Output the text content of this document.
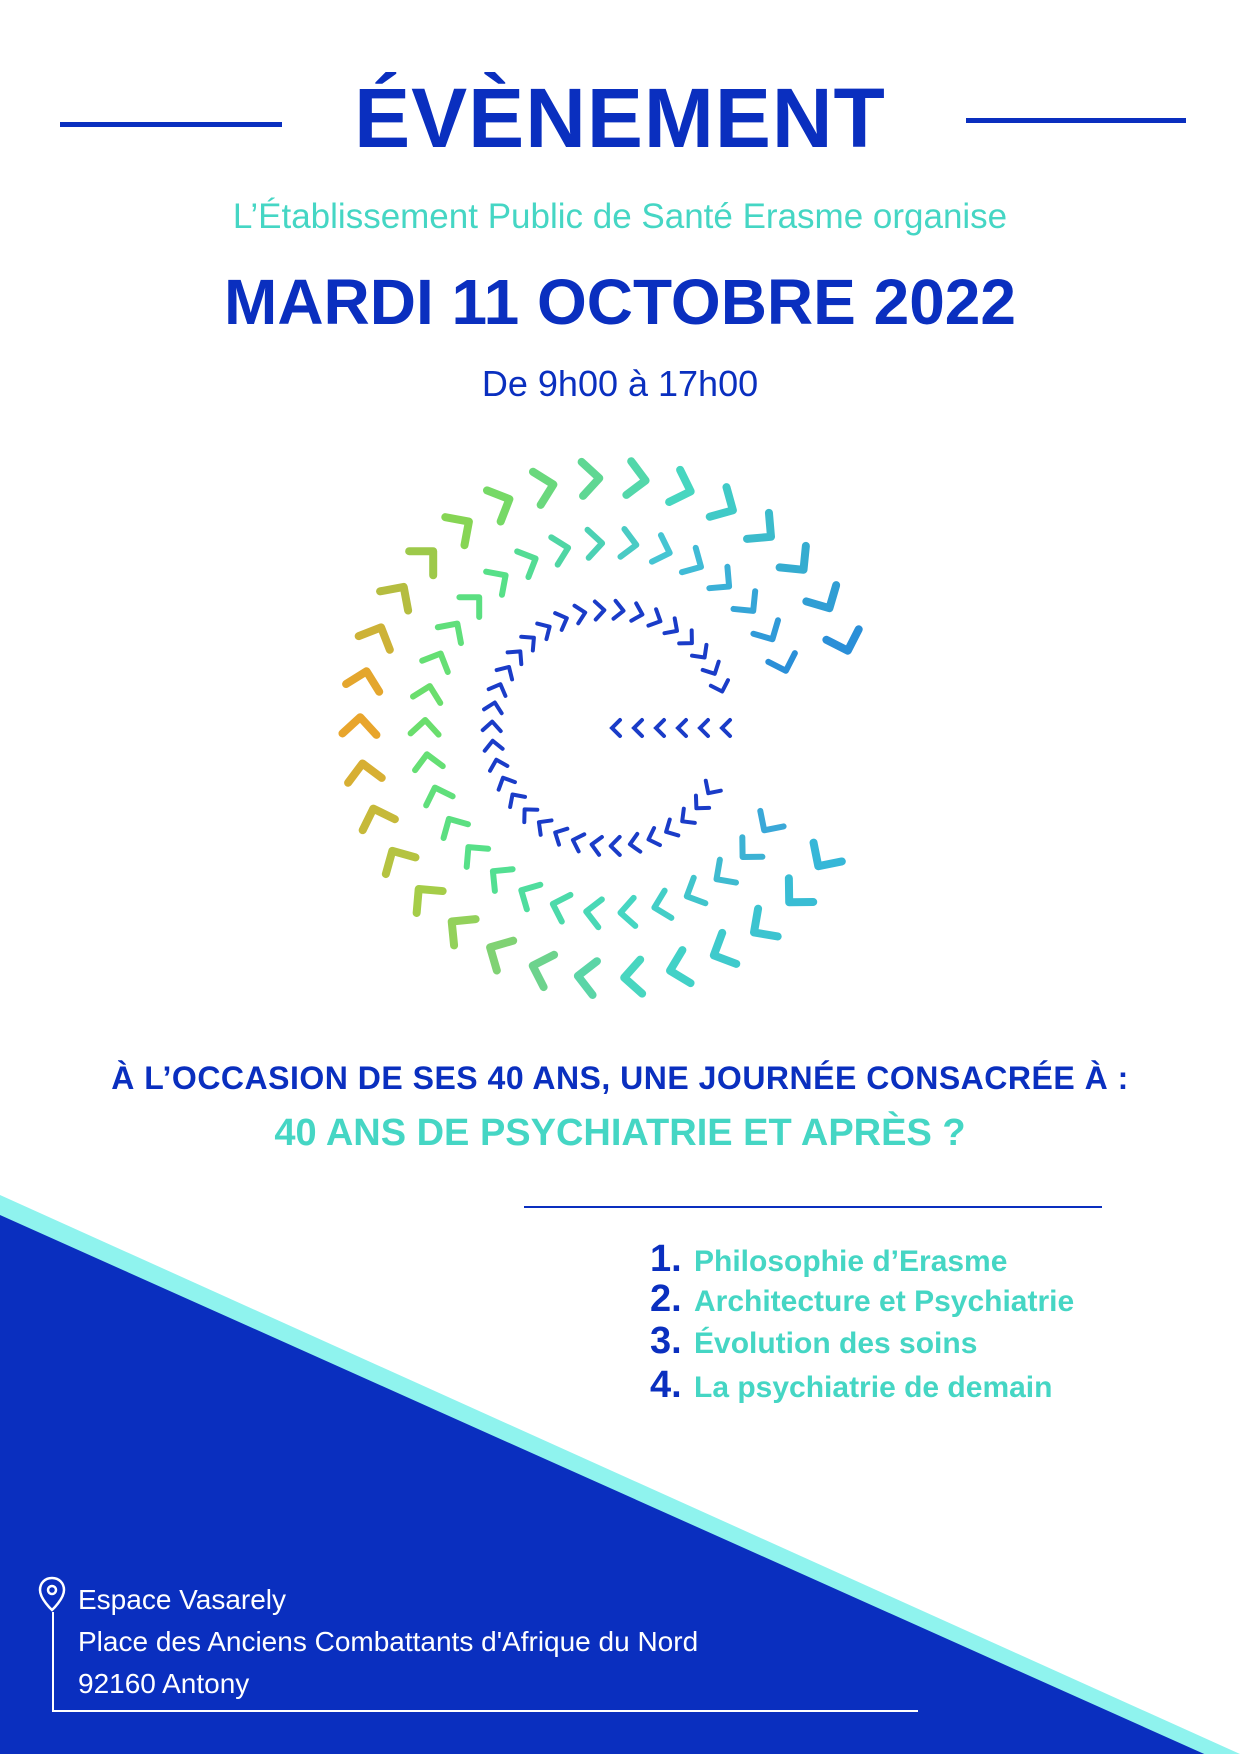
ÉVÈNEMENT
L’Établissement Public de Santé Erasme organise
MARDI 11 OCTOBRE 2022
De 9h00 à 17h00
À L’OCCASION DE SES 40 ANS, UNE JOURNÉE CONSACRÉE À :
40 ANS DE PSYCHIATRIE ET APRÈS ?
1. Philosophie d’Erasme
2. Architecture et Psychiatrie
3. Évolution des soins
4. La psychiatrie de demain
Espace Vasarely
Place des Anciens Combattants d'Afrique du Nord
92160 Antony
